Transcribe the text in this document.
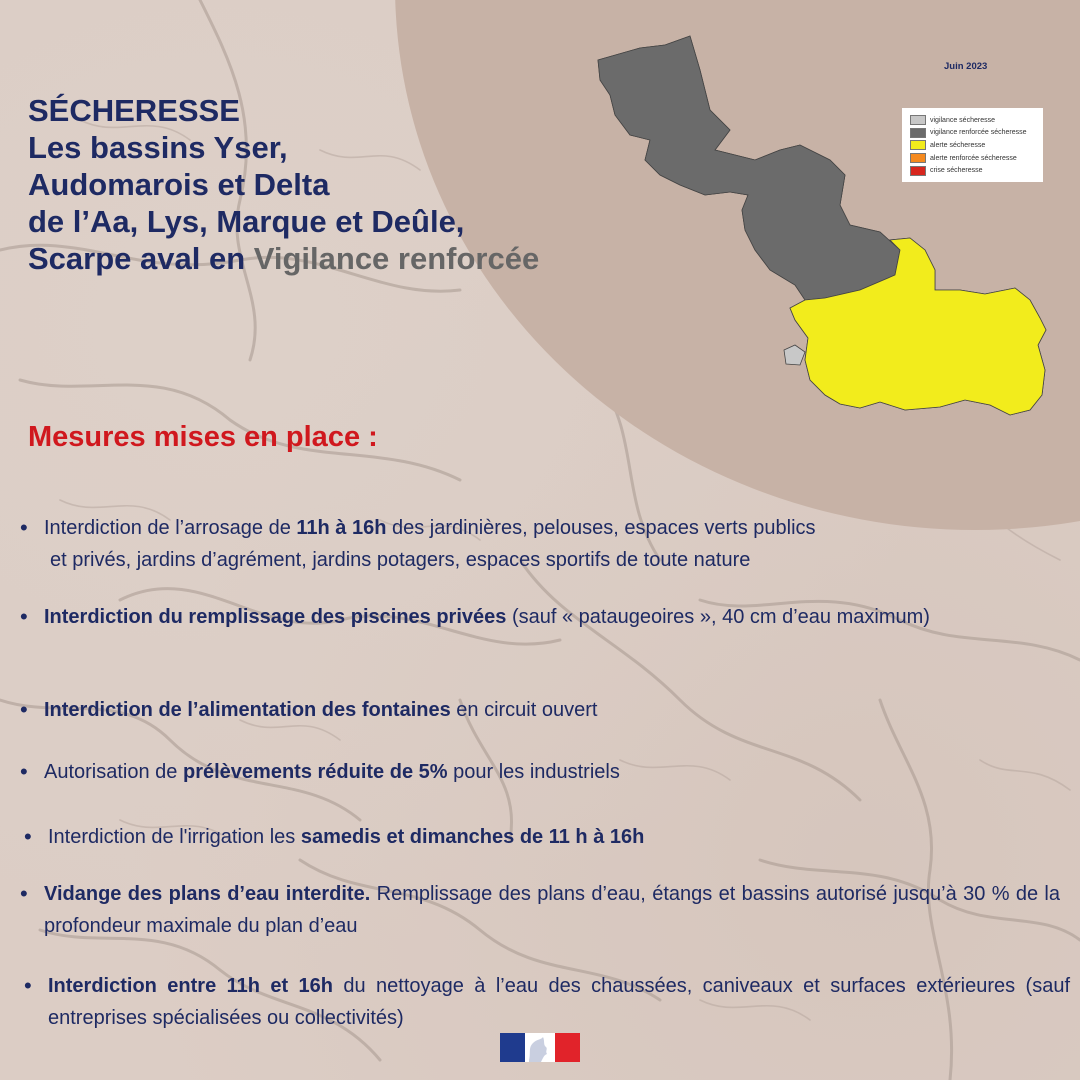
SÉCHERESSE
Les bassins Yser,
Audomarois et Delta
de l’Aa, Lys, Marque et Deûle,
Scarpe aval en Vigilance renforcée
Juin 2023
vigilance sécheresse
vigilance renforcée sécheresse
alerte sécheresse
alerte renforcée sécheresse
crise sécheresse
Mesures mises en place :
• Interdiction de l’arrosage de 11h à 16h des jardinières, pelouses, espaces verts publics
et privés, jardins d’agrément, jardins potagers, espaces sportifs de toute nature

• Interdiction du remplissage des piscines privées (sauf « pataugeoires », 40 cm d’eau maximum)

• Interdiction de l’alimentation des fontaines en circuit ouvert

• Autorisation de prélèvements réduite de 5% pour les industriels

• Interdiction de l'irrigation les samedis et dimanches de 11 h à 16h

• Vidange des plans d’eau interdite. Remplissage des plans d’eau, étangs et bassins autorisé jusqu’à 30 % de la profondeur maximale du plan d’eau

• Interdiction entre 11h et 16h du nettoyage à l’eau des chaussées, caniveaux et surfaces extérieures (sauf entreprises spécialisées ou collectivités)
